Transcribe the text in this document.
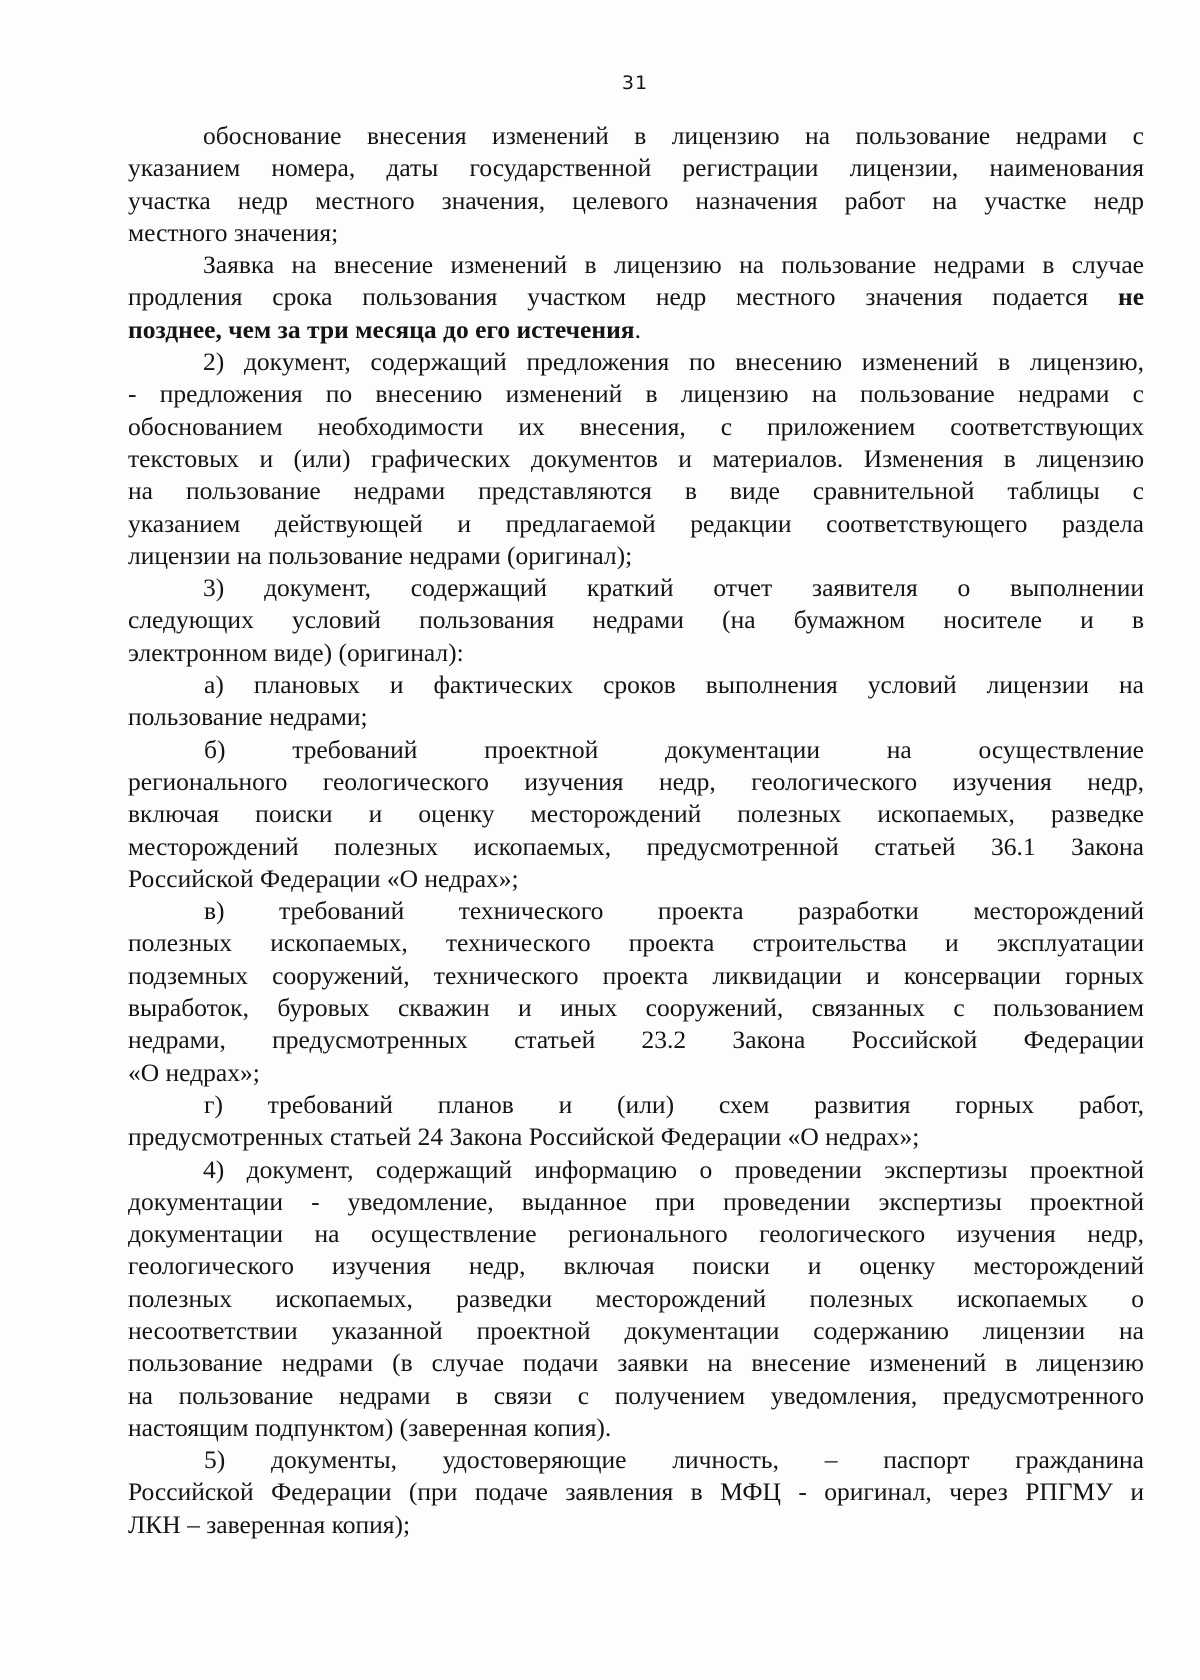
31
обоснование внесения изменений в лицензию на пользование недрами с
указанием номера, даты государственной регистрации лицензии, наименования
участка недр местного значения, целевого назначения работ на участке недр
местного значения;
Заявка на внесение изменений в лицензию на пользование недрами в случае
продления срока пользования участком недр местного значения подается не
позднее, чем за три месяца до его истечения.
2) документ, содержащий предложения по внесению изменений в лицензию,
- предложения по внесению изменений в лицензию на пользование недрами с
обоснованием необходимости их внесения, с приложением соответствующих
текстовых и (или) графических документов и материалов. Изменения в лицензию
на пользование недрами представляются в виде сравнительной таблицы с
указанием действующей и предлагаемой редакции соответствующего раздела
лицензии на пользование недрами (оригинал);
3) документ, содержащий краткий отчет заявителя о выполнении
следующих условий пользования недрами (на бумажном носителе и в
электронном виде) (оригинал):
а) плановых и фактических сроков выполнения условий лицензии на
пользование недрами;
б) требований проектной документации на осуществление
регионального геологического изучения недр, геологического изучения недр,
включая поиски и оценку месторождений полезных ископаемых, разведке
месторождений полезных ископаемых, предусмотренной статьей 36.1 Закона
Российской Федерации «О недрах»;
в) требований технического проекта разработки месторождений
полезных ископаемых, технического проекта строительства и эксплуатации
подземных сооружений, технического проекта ликвидации и консервации горных
выработок, буровых скважин и иных сооружений, связанных с пользованием
недрами, предусмотренных статьей 23.2 Закона Российской Федерации
«О недрах»;
г) требований планов и (или) схем развития горных работ,
предусмотренных статьей 24 Закона Российской Федерации «О недрах»;
4) документ, содержащий информацию о проведении экспертизы проектной
документации - уведомление, выданное при проведении экспертизы проектной
документации на осуществление регионального геологического изучения недр,
геологического изучения недр, включая поиски и оценку месторождений
полезных ископаемых, разведки месторождений полезных ископаемых о
несоответствии указанной проектной документации содержанию лицензии на
пользование недрами (в случае подачи заявки на внесение изменений в лицензию
на пользование недрами в связи с получением уведомления, предусмотренного
настоящим подпунктом) (заверенная копия).
5) документы, удостоверяющие личность, – паспорт гражданина
Российской Федерации (при подаче заявления в МФЦ - оригинал, через РПГМУ и
ЛКН – заверенная копия);
